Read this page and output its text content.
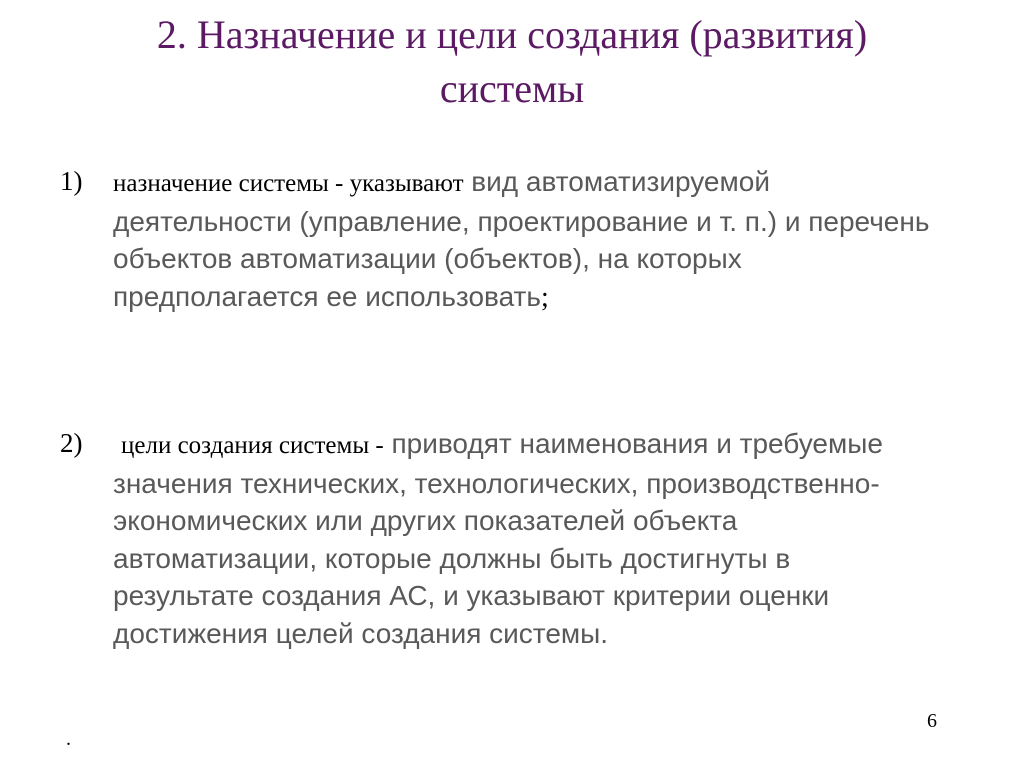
2. Назначение и цели создания (развития)
системы
1) назначение системы - указывают вид автоматизируемой деятельности (управление, проектирование и т. п.) и перечень объектов автоматизации (объектов), на которых предполагается ее использовать;
2)	цели создания системы - приводят наименования и требуемые значения технических, технологических, производственно-экономических или других показателей объекта автоматизации, которые должны быть достигнуты в результате создания АС, и указывают критерии оценки достижения целей создания системы.
6
.
